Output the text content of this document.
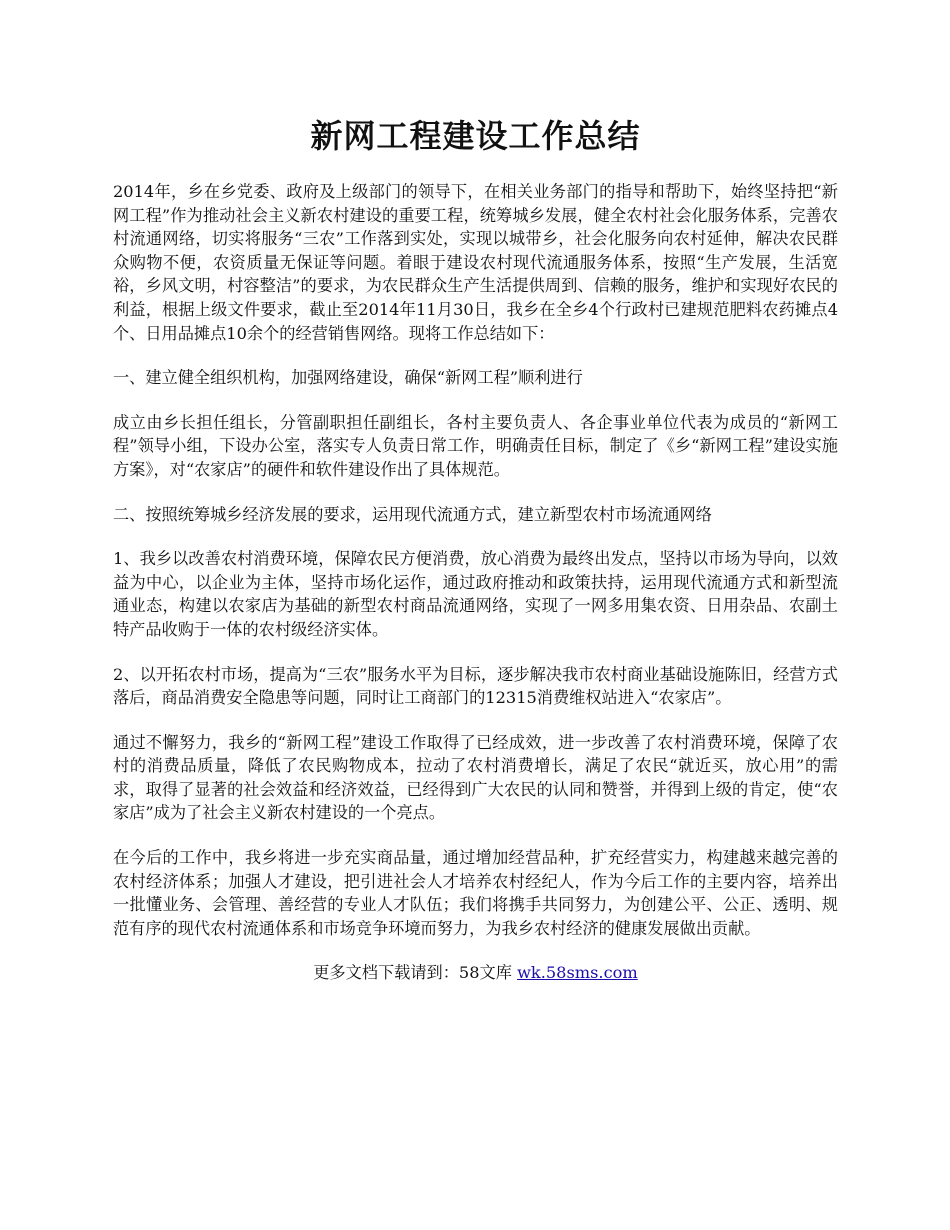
新网工程建设工作总结

2014年，乡在乡党委、政府及上级部门的领导下，在相关业务部门的指导和帮助下，始终坚持把“新网工程”作为推动社会主义新农村建设的重要工程，统筹城乡发展，健全农村社会化服务体系，完善农村流通网络，切实将服务“三农”工作落到实处，实现以城带乡，社会化服务向农村延伸，解决农民群众购物不便，农资质量无保证等问题。着眼于建设农村现代流通服务体系，按照“生产发展，生活宽裕，乡风文明，村容整洁”的要求，为农民群众生产生活提供周到、信赖的服务，维护和实现好农民的利益，根据上级文件要求，截止至2014年11月30日，我乡在全乡4个行政村已建规范肥料农药摊点4个、日用品摊点10余个的经营销售网络。现将工作总结如下：

一、建立健全组织机构，加强网络建设，确保“新网工程”顺利进行

成立由乡长担任组长，分管副职担任副组长，各村主要负责人、各企事业单位代表为成员的“新网工程”领导小组，下设办公室，落实专人负责日常工作，明确责任目标，制定了《乡“新网工程”建设实施方案》，对“农家店”的硬件和软件建设作出了具体规范。

二、按照统筹城乡经济发展的要求，运用现代流通方式，建立新型农村市场流通网络

1、我乡以改善农村消费环境，保障农民方便消费，放心消费为最终出发点，坚持以市场为导向，以效益为中心，以企业为主体，坚持市场化运作，通过政府推动和政策扶持，运用现代流通方式和新型流通业态，构建以农家店为基础的新型农村商品流通网络，实现了一网多用集农资、日用杂品、农副土特产品收购于一体的农村级经济实体。

2、以开拓农村市场，提高为“三农”服务水平为目标，逐步解决我市农村商业基础设施陈旧，经营方式落后，商品消费安全隐患等问题，同时让工商部门的12315消费维权站进入“农家店”。

通过不懈努力，我乡的“新网工程”建设工作取得了已经成效，进一步改善了农村消费环境，保障了农村的消费品质量，降低了农民购物成本，拉动了农村消费增长，满足了农民“就近买，放心用”的需求，取得了显著的社会效益和经济效益，已经得到广大农民的认同和赞誉，并得到上级的肯定，使“农家店”成为了社会主义新农村建设的一个亮点。

在今后的工作中，我乡将进一步充实商品量，通过增加经营品种，扩充经营实力，构建越来越完善的农村经济体系；加强人才建设，把引进社会人才培养农村经纪人，作为今后工作的主要内容，培养出一批懂业务、会管理、善经营的专业人才队伍；我们将携手共同努力，为创建公平、公正、透明、规范有序的现代农村流通体系和市场竞争环境而努力，为我乡农村经济的健康发展做出贡献。

更多文档下载请到：58文库 wk.58sms.com
